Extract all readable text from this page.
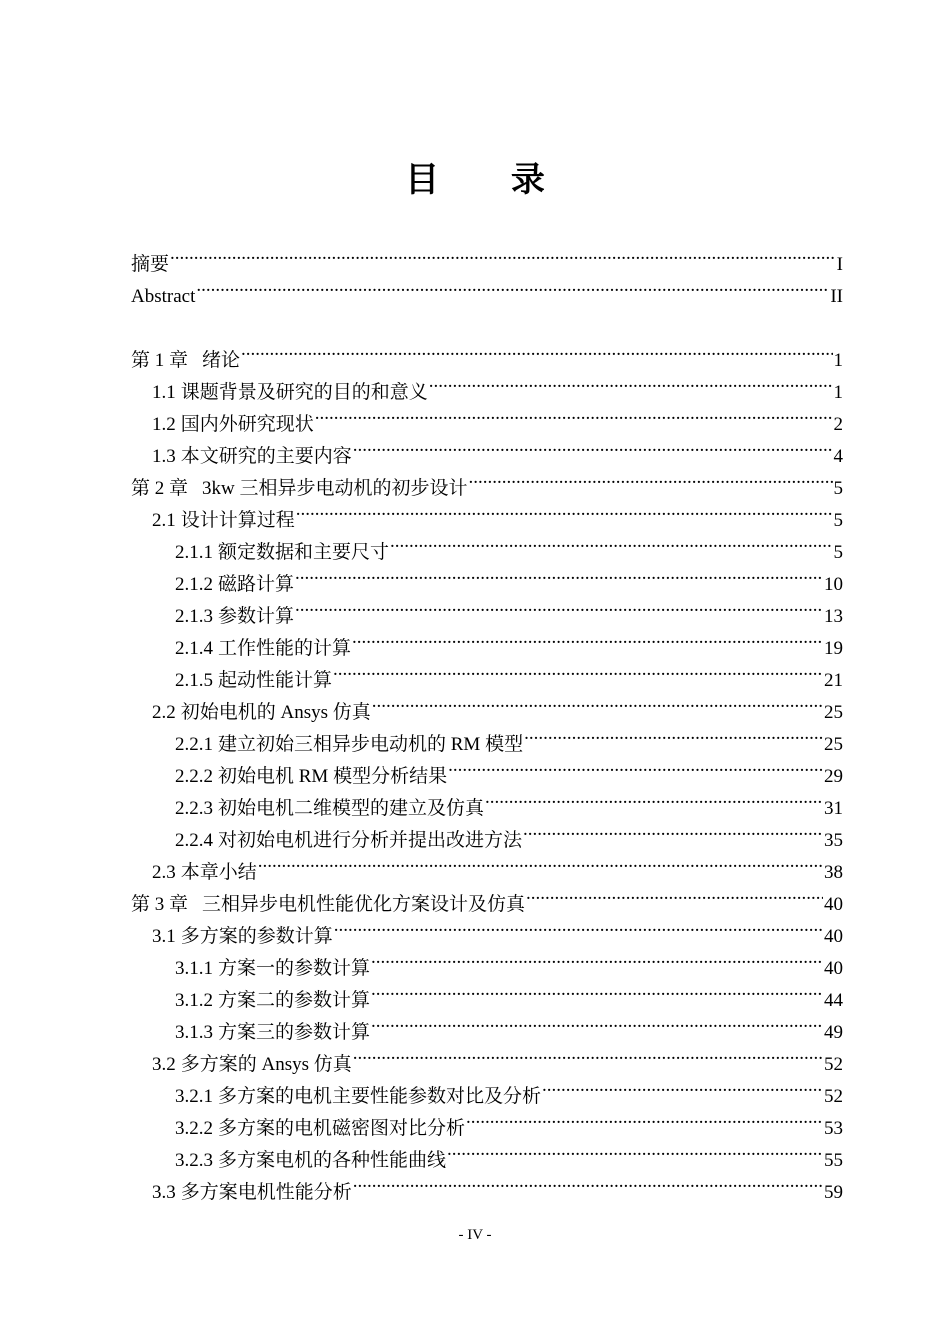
目 录
摘要 .....	I
Abstract .....	II
第 1 章 绪论 .....	1
1.1 课题背景及研究的目的和意义 .....	1
1.2 国内外研究现状 .....	2
1.3 本文研究的主要内容 .....	4
第 2 章 3kw 三相异步电动机的初步设计 .....	5
2.1 设计计算过程 .....	5
2.1.1 额定数据和主要尺寸 .....	5
2.1.2 磁路计算 .....	10
2.1.3 参数计算 .....	13
2.1.4 工作性能的计算 .....	19
2.1.5 起动性能计算 .....	21
2.2 初始电机的 Ansys 仿真 .....	25
2.2.1 建立初始三相异步电动机的 RM 模型 .....	25
2.2.2 初始电机 RM 模型分析结果 .....	29
2.2.3 初始电机二维模型的建立及仿真 .....	31
2.2.4 对初始电机进行分析并提出改进方法 .....	35
2.3 本章小结 .....	38
第 3 章 三相异步电机性能优化方案设计及仿真 .....	40
3.1 多方案的参数计算 .....	40
3.1.1 方案一的参数计算 .....	40
3.1.2 方案二的参数计算 .....	44
3.1.3 方案三的参数计算 .....	49
3.2 多方案的 Ansys 仿真 .....	52
3.2.1 多方案的电机主要性能参数对比及分析 .....	52
3.2.2 多方案的电机磁密图对比分析 .....	53
3.2.3 多方案电机的各种性能曲线 .....	55
3.3 多方案电机性能分析 .....	59
- IV -
